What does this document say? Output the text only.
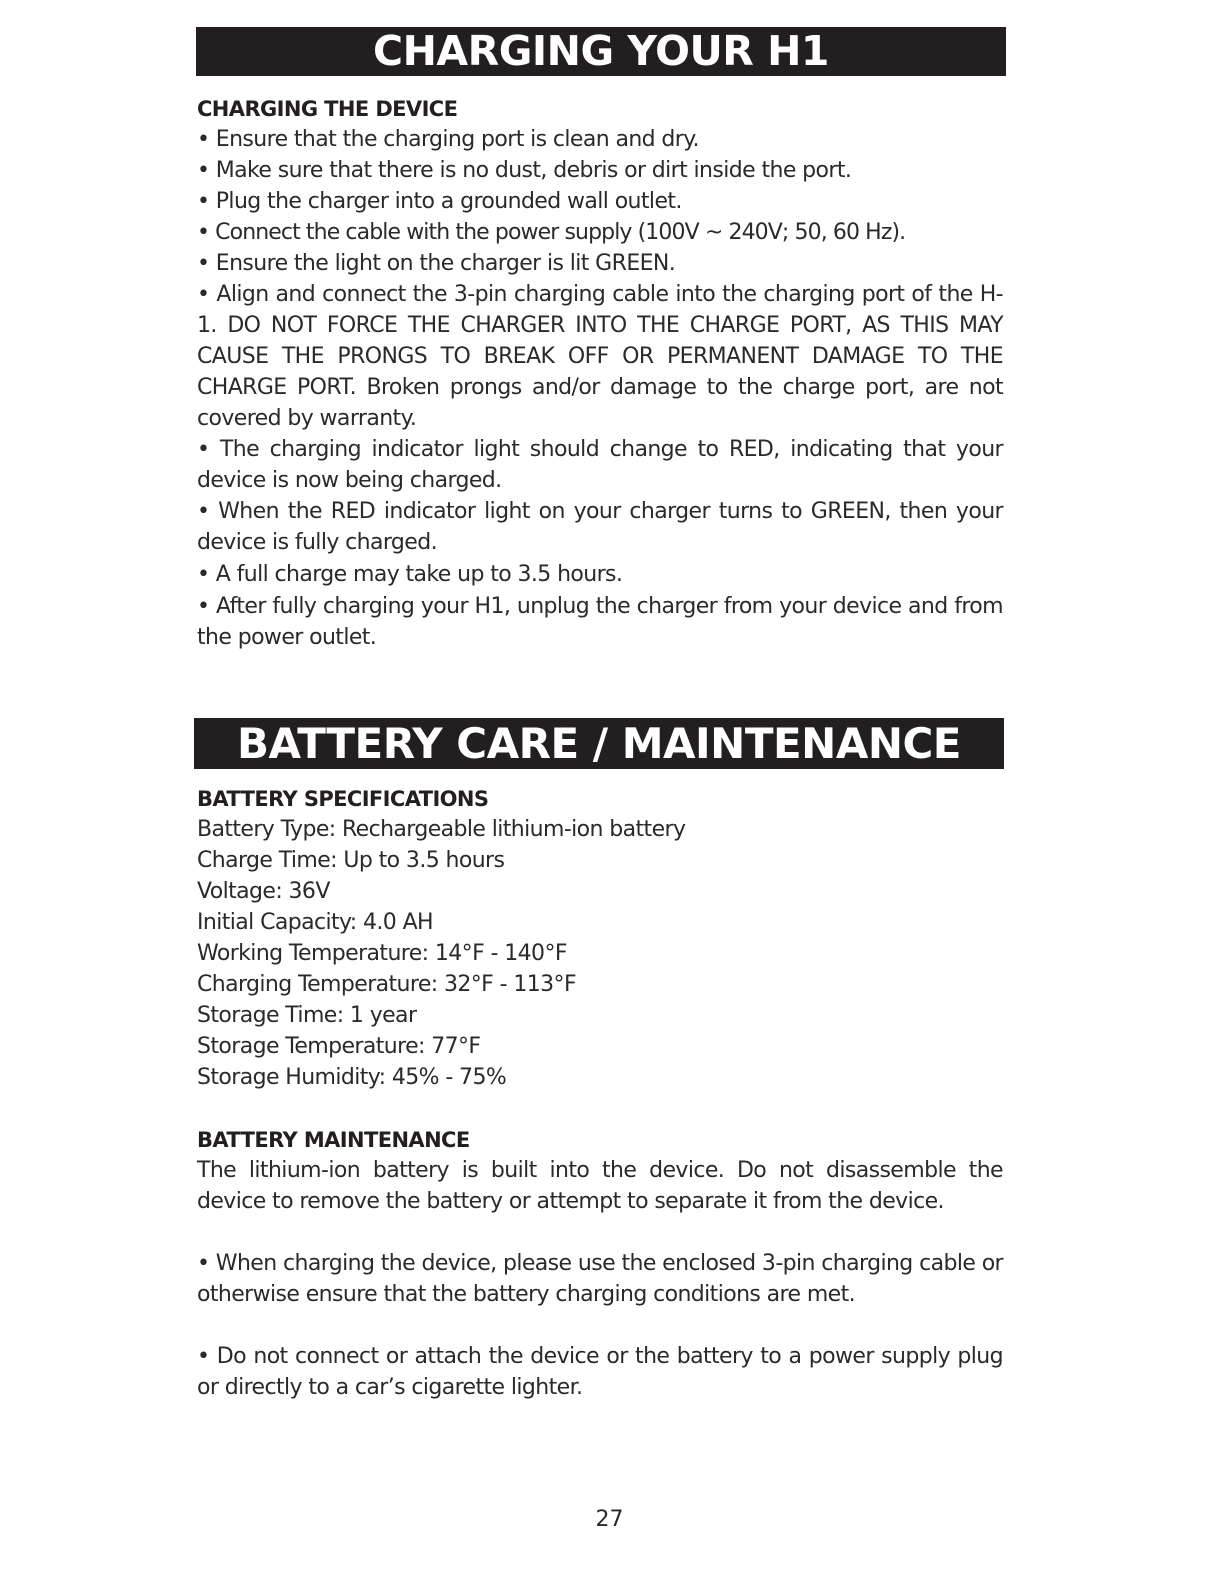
CHARGING YOUR H1
CHARGING THE DEVICE
• Ensure that the charging port is clean and dry.
• Make sure that there is no dust, debris or dirt inside the port.
• Plug the charger into a grounded wall outlet.
• Connect the cable with the power supply (100V ~ 240V; 50, 60 Hz).
• Ensure the light on the charger is lit GREEN.
• Align and connect the 3-pin charging cable into the charging port of the H-1. DO NOT FORCE THE CHARGER INTO THE CHARGE PORT, AS THIS MAY CAUSE THE PRONGS TO BREAK OFF OR PERMANENT DAMAGE TO THE CHARGE PORT. Broken prongs and/or damage to the charge port, are not covered by warranty.
• The charging indicator light should change to RED, indicating that your device is now being charged.
• When the RED indicator light on your charger turns to GREEN, then your device is fully charged.
• A full charge may take up to 3.5 hours.
• After fully charging your H1, unplug the charger from your device and from the power outlet.
BATTERY CARE / MAINTENANCE
BATTERY SPECIFICATIONS
Battery Type: Rechargeable lithium-ion battery
Charge Time: Up to 3.5 hours
Voltage: 36V
Initial Capacity: 4.0 AH
Working Temperature: 14°F - 140°F
Charging Temperature: 32°F - 113°F
Storage Time: 1 year
Storage Temperature: 77°F
Storage Humidity: 45% - 75%
BATTERY MAINTENANCE
The lithium-ion battery is built into the device. Do not disassemble the device to remove the battery or attempt to separate it from the device.
• When charging the device, please use the enclosed 3-pin charging cable or otherwise ensure that the battery charging conditions are met.
• Do not connect or attach the device or the battery to a power supply plug or directly to a car’s cigarette lighter.
27
